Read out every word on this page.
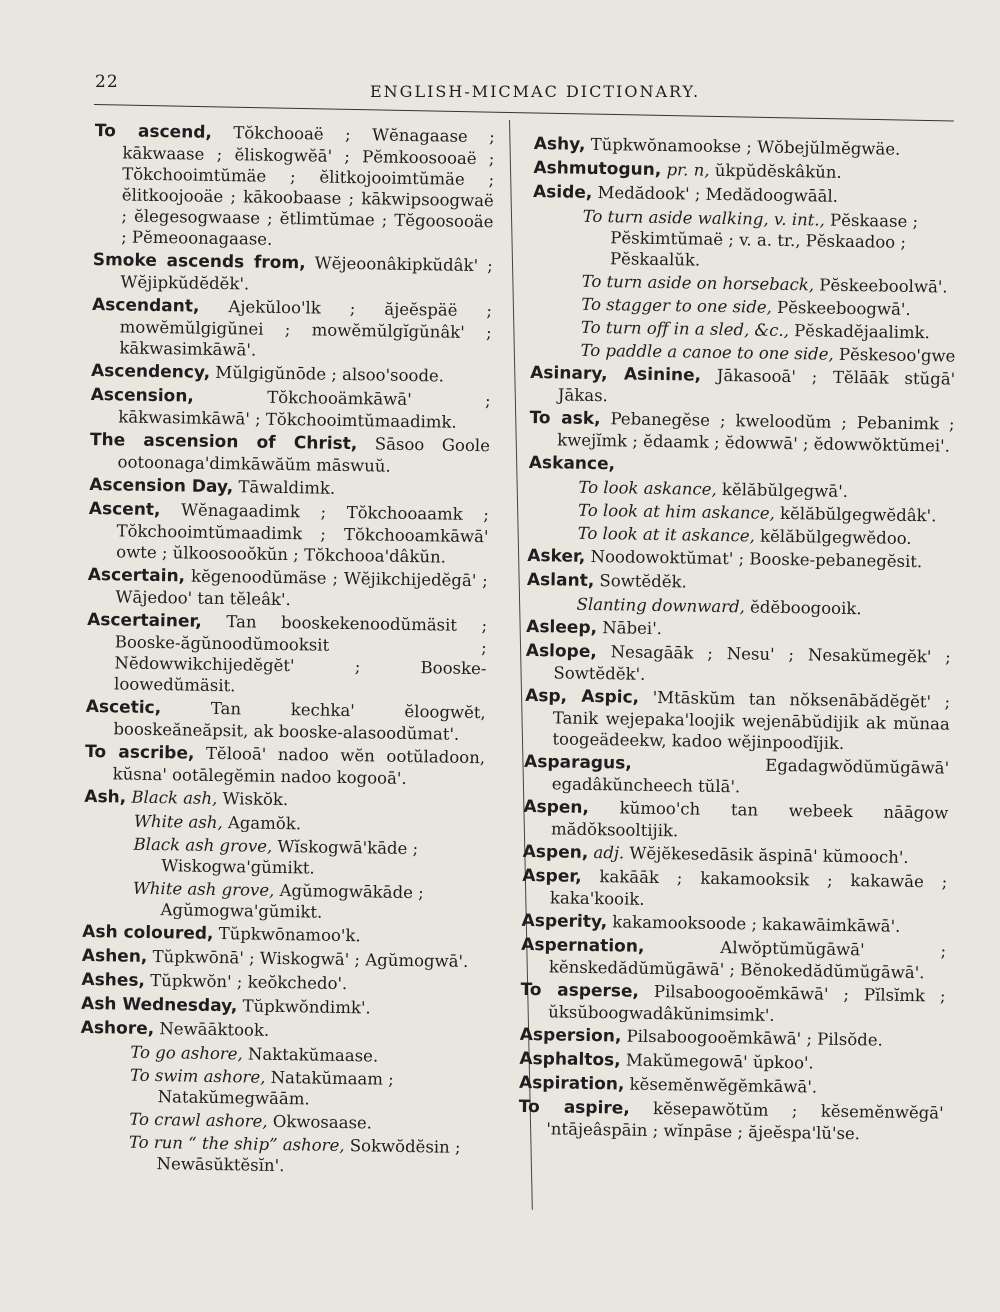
22	ENGLISH-MICMAC DICTIONARY.
To ascend, Tŏkchooaë ; Wĕnagaase ; kākwaase ; ĕliskogwĕā' ; Pĕmkoosooaë ; Tŏkchooimtŭmäe ; ĕlitkojooimtŭmäe ; ĕlitkoojooäe ; kākoobaase ; kākwipsoogwaë ; ĕlegesogwaase ; ĕtlimtŭmae ; Tĕgoosooäe ; Pĕmeoonagaase.
Smoke ascends from, Wĕjeoonâkipkŭdâk' ; Wĕjipkŭdĕdĕk'.
Ascendant, Ajekŭloo'lk ; ăjeĕspäë ; mowĕmŭlgigŭnei ; mowĕmŭlgĭgŭnâk' ; kākwasimkāwā'.
Ascendency, Mŭlgigŭnōde ; alsoo'soode.
Ascension, Tŏkchooämkāwā' ; kākwasimkāwā' ; Tŏkchooimtŭmaadimk.
The ascension of Christ, Sāsoo Goole ootoonaga'dimkāwăŭm māswuŭ.
Ascension Day, Tāwaldimk.
Ascent, Wĕnagaadimk ; Tŏkchooaamk ; Tŏkchooimtŭmaadimk ; Tŏkchooamkāwā' owte ; ŭlkoosooŏkŭn ; Tŏkchooa'dâkŭn.
Ascertain, kĕgenoodŭmäse ; Wĕjikchijedĕgā' ; Wājedoo' tan tĕleâk'.
Ascertainer, Tan booskekenoodŭmäsit ; Booske-ăgŭnoodŭmooksit ; Nĕdowwikchijedĕgĕt' ; Booske-loowedŭmäsit.
Ascetic, Tan kechka' ĕloogwĕt, booskeăneăpsit, ak booske-alasoodŭmat'.
To ascribe, Tĕlooā' nadoo wĕn ootŭladoon, kŭsna' ootālegĕmin nadoo kogooā'.
Ash, Black ash, Wiskŏk.
White ash, Agamŏk.
Black ash grove, Wĭskogwā'kāde ; Wiskogwa'gŭmikt.
White ash grove, Agŭmogwākāde ; Agŭmogwa'gŭmikt.
Ash coloured, Tŭpkwōnamoo'k.
Ashen, Tŭpkwōnā' ; Wiskogwā' ; Agŭmogwā'.
Ashes, Tŭpkwŏn' ; keŏkchedo'.
Ash Wednesday, Tŭpkwŏndimk'.
Ashore, Newāāktook.
To go ashore, Naktakŭmaase.
To swim ashore, Natakŭmaam ; Natakŭmegwāām.
To crawl ashore, Okwosaase.
To run “ the ship” ashore, Sokwŏdĕsin ; Newāsŭktĕsĭn'.
Ashy, Tŭpkwŏnamookse ; Wŏbejŭlmĕgwäe.
Ashmutogun, pr. n, ŭkpŭdĕskâkŭn.
Aside, Medădook' ; Medădoogwāāl.
To turn aside walking, v. int., Pĕskaase ; Pĕskimtŭmaë ; v. a. tr., Pĕskaadoo ; Pĕskaalŭk.
To turn aside on horseback, Pĕskeeboolwā'.
To stagger to one side, Pĕskeeboogwā'.
To turn off in a sled, &c., Pĕskadĕjaalimk.
To paddle a canoe to one side, Pĕskesoo'gwe
Asinary, Asinine, Jākasooā' ; Tĕlāāk stŭgā' Jākas.
To ask, Pebanegĕse ; kweloodŭm ; Pebanimk ; kwejĭmk ; ĕdaamk ; ĕdowwā' ; ĕdowwŏktŭmei'.
Askance,
To look askance, kĕlăbŭlgegwā'.
To look at him askance, kĕlăbŭlgegwĕdâk'.
To look at it askance, kĕlăbŭlgegwĕdoo.
Asker, Noodowoktŭmat' ; Booske-pebanegĕsit.
Aslant, Sowtĕdĕk.
Slanting downward, ĕdĕboogooik.
Asleep, Nābei'.
Aslope, Nesagāāk ; Nesu' ; Nesakŭmegĕk' ; Sowtĕdĕk'.
Asp, Aspic, 'Mtāskŭm tan nŏksenābădĕgĕt' ; Tanik wejepaka'loojik wejenābŭdijik ak mŭnaa toogeädeekw, kadoo wĕjinpoodĭjik.
Asparagus, Egadagwŏdŭmŭgāwā' egadâkŭncheech tŭlā'.
Aspen, kŭmoo'ch tan webeek nāāgow mădŏksooltijik.
Aspen, adj. Wĕjĕkesedāsik ăspinā' kŭmooch'.
Asper, kakāāk ; kakamooksik ; kakawāe ; kaka'kooik.
Asperity, kakamooksoode ; kakawāimkāwā'.
Aspernation, Alwŏptŭmŭgāwā' ; kĕnskedădŭmŭgāwā' ; Bĕnokedădŭmŭgāwā'.
To asperse, Pilsaboogooĕmkāwā' ; Pĭlsĭmk ; ŭksŭboogwadâkŭnimsimk'.
Aspersion, Pilsaboogooĕmkāwā' ; Pilsŏde.
Asphaltos, Makŭmegowā' ŭpkoo'.
Aspiration, kĕsemĕnwĕgĕmkāwā'.
To aspire, kĕsepawŏtŭm ; kĕsemĕnwĕgā' 'ntājeâspāin ; wĭnpāse ; ăjeĕspa'lŭ'se.
